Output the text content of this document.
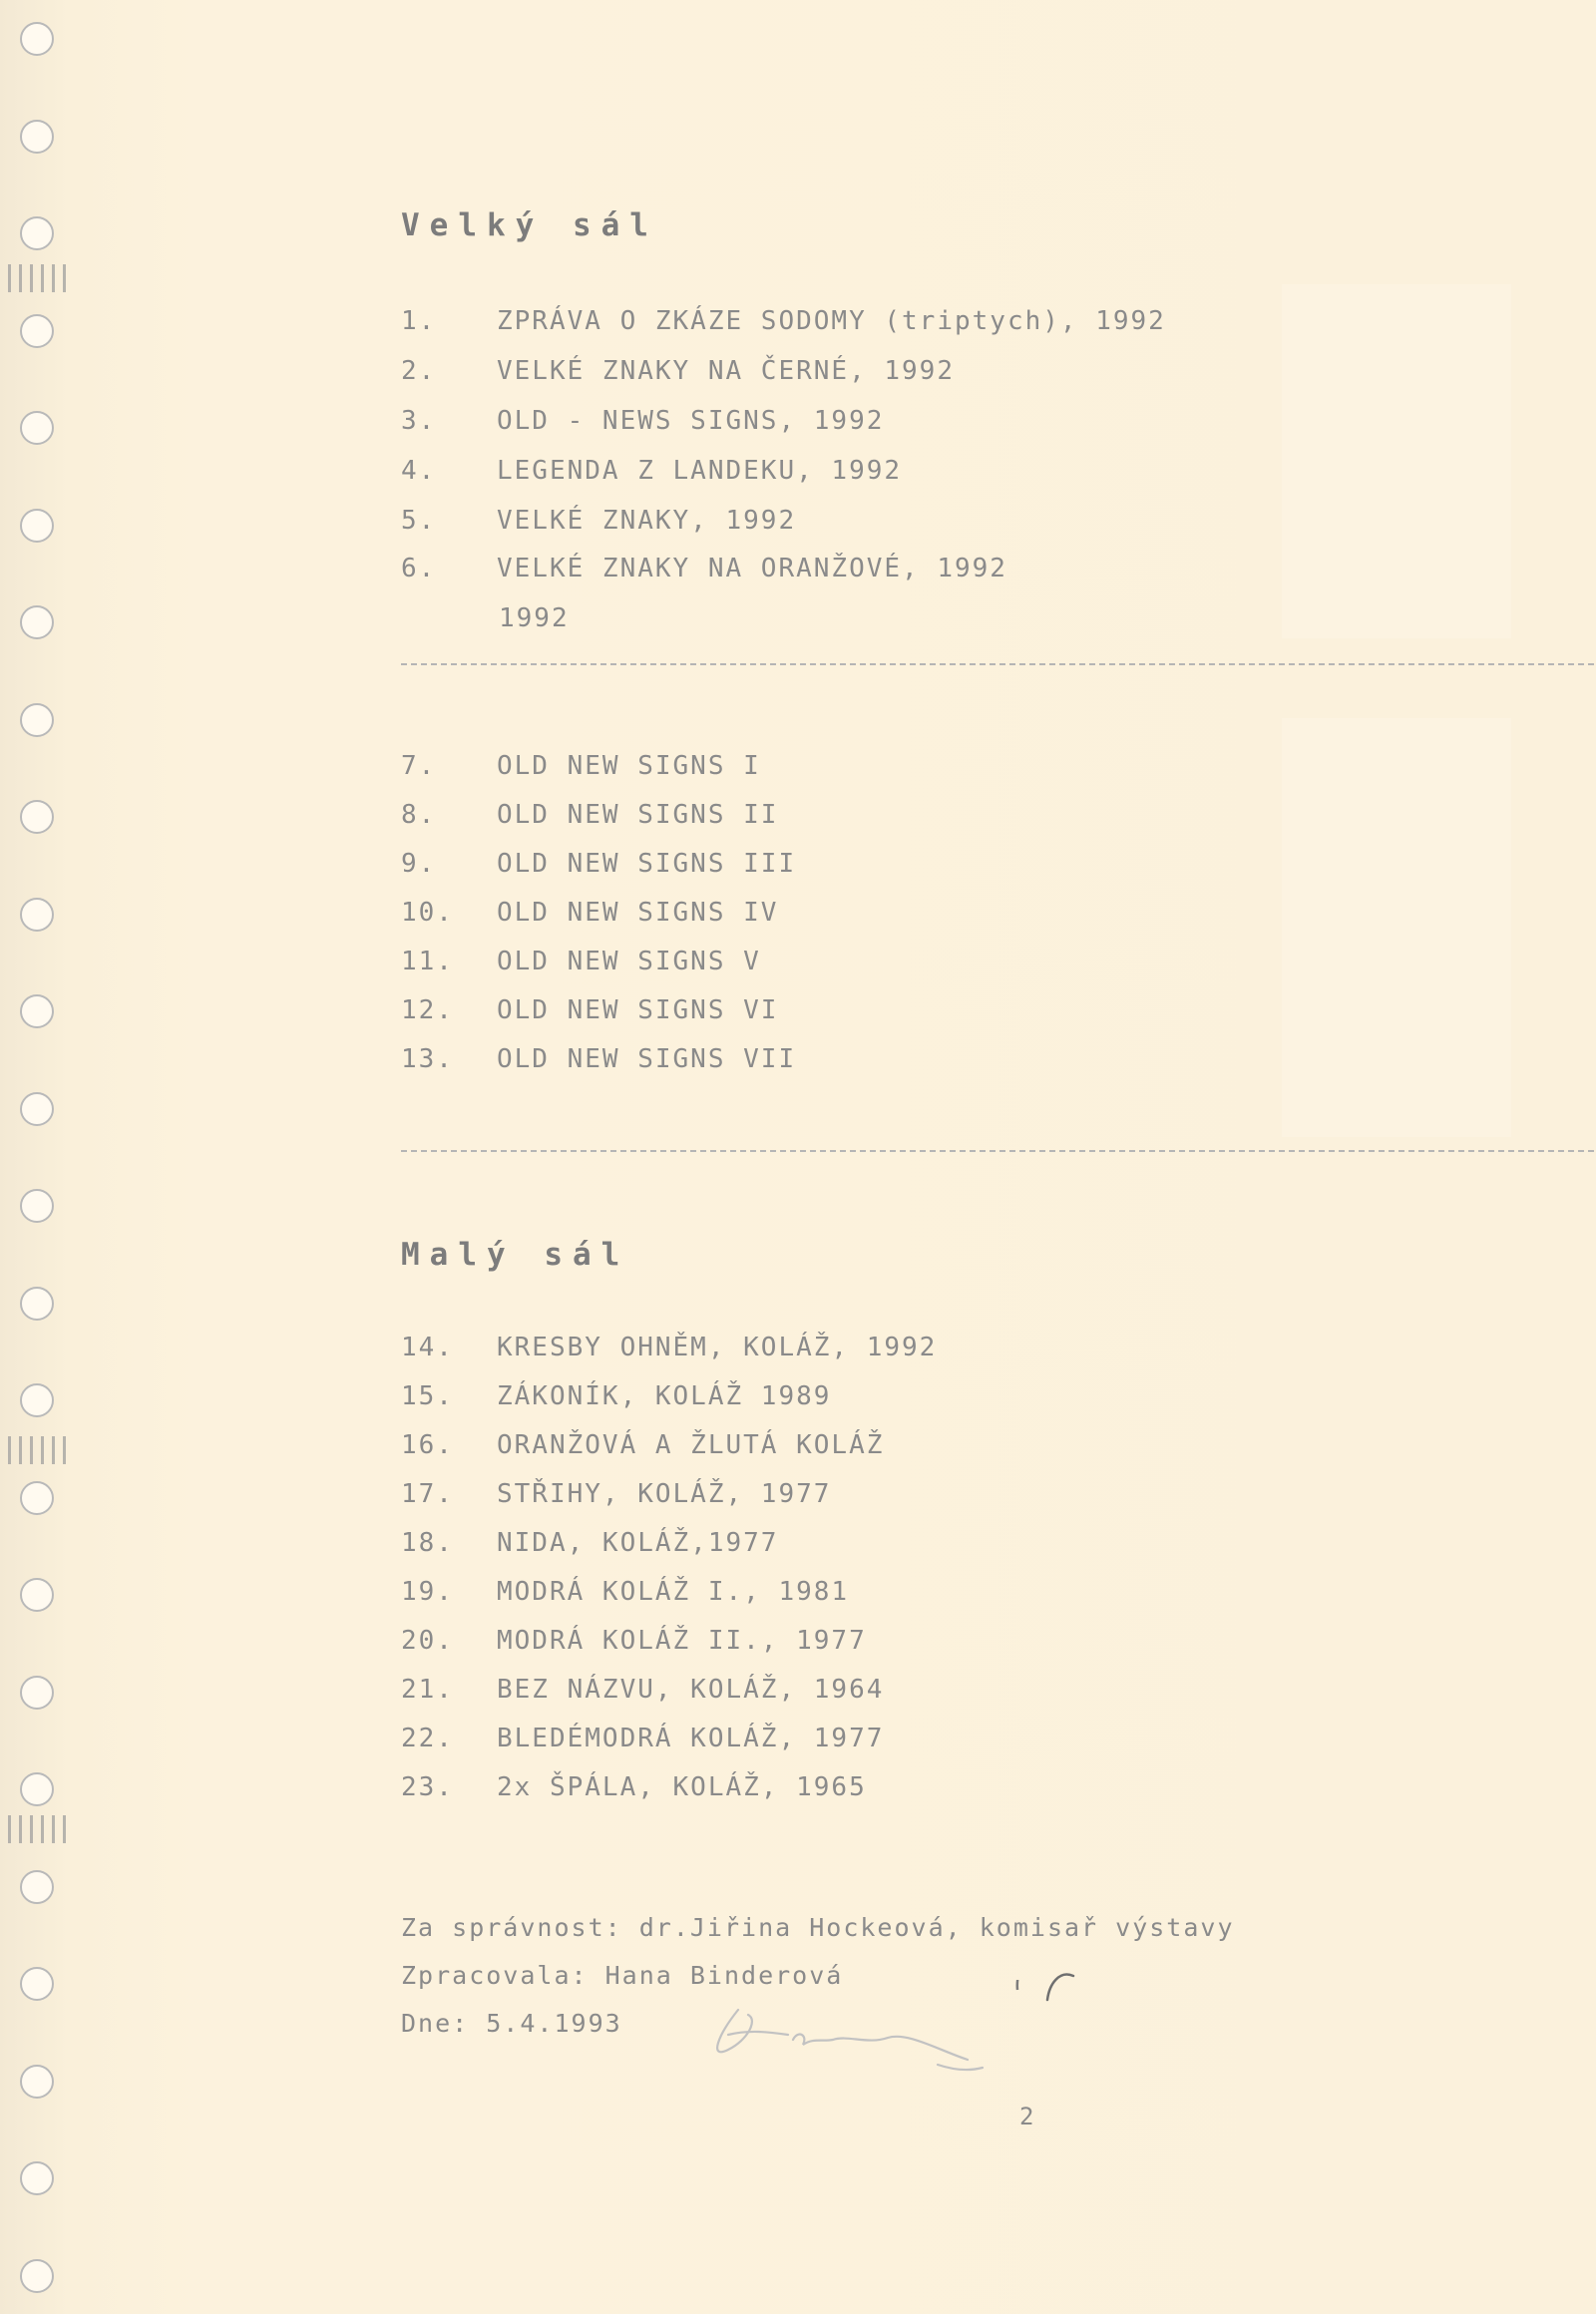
Velký sál
1. ZPRÁVA O ZKÁZE SODOMY (triptych), 1992
2. VELKÉ ZNAKY NA ČERNÉ, 1992
3. OLD - NEWS SIGNS, 1992
4. LEGENDA Z LANDEKU, 1992
5. VELKÉ ZNAKY, 1992
6. VELKÉ ZNAKY NA ORANŽOVÉ, 1992
1992
7. OLD NEW SIGNS I
8. OLD NEW SIGNS II
9. OLD NEW SIGNS III
10. OLD NEW SIGNS IV
11. OLD NEW SIGNS V
12. OLD NEW SIGNS VI
13. OLD NEW SIGNS VII
Malý sál
14. KRESBY OHNĚM, KOLÁŽ, 1992
15. ZÁKONÍK, KOLÁŽ 1989
16. ORANŽOVÁ A ŽLUTÁ KOLÁŽ
17. STŘIHY, KOLÁŽ, 1977
18. NIDA, KOLÁŽ,1977
19. MODRÁ KOLÁŽ I., 1981
20. MODRÁ KOLÁŽ II., 1977
21. BEZ NÁZVU, KOLÁŽ, 1964
22. BLEDÉMODRÁ KOLÁŽ, 1977
23. 2x ŠPÁLA, KOLÁŽ, 1965
Za správnost: dr.Jiřina Hockeová, komisař výstavy
Zpracovala: Hana Binderová
Dne: 5.4.1993
2
